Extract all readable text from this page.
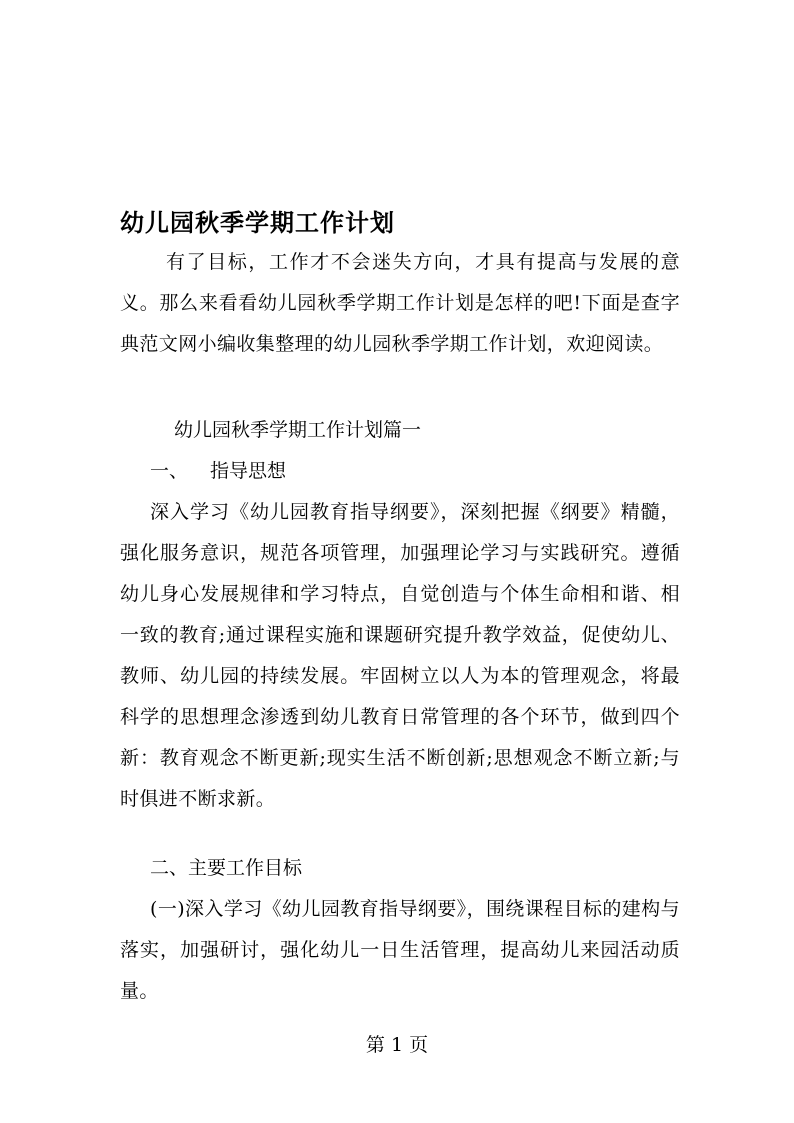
幼儿园秋季学期工作计划
有了目标，工作才不会迷失方向，才具有提高与发展的意义。那么来看看幼儿园秋季学期工作计划是怎样的吧!下面是查字典范文网小编收集整理的幼儿园秋季学期工作计划，欢迎阅读。
幼儿园秋季学期工作计划篇一
一、 指导思想
深入学习《幼儿园教育指导纲要》，深刻把握《纲要》精髓，强化服务意识，规范各项管理，加强理论学习与实践研究。遵循幼儿身心发展规律和学习特点，自觉创造与个体生命相和谐、相一致的教育;通过课程实施和课题研究提升教学效益，促使幼儿、教师、幼儿园的持续发展。牢固树立以人为本的管理观念，将最科学的思想理念渗透到幼儿教育日常管理的各个环节，做到四个新：教育观念不断更新;现实生活不断创新;思想观念不断立新;与时俱进不断求新。
二、主要工作目标
(一)深入学习《幼儿园教育指导纲要》，围绕课程目标的建构与落实，加强研讨，强化幼儿一日生活管理，提高幼儿来园活动质量。
第 1 页
